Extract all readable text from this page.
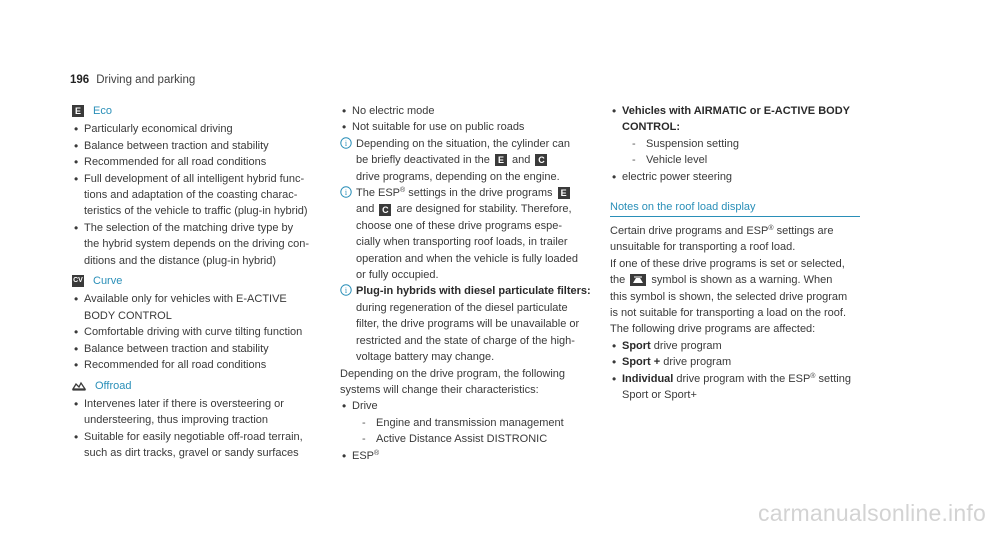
196 Driving and parking
E Eco
• Particularly economical driving
• Balance between traction and stability
• Recommended for all road conditions
• Full development of all intelligent hybrid func-
tions and adaptation of the coasting charac-
teristics of the vehicle to traffic (plug-in hybrid)
• The selection of the matching drive type by
the hybrid system depends on the driving con-
ditions and the distance (plug-in hybrid)
CV Curve
• Available only for vehicles with E-ACTIVE
BODY CONTROL
• Comfortable driving with curve tilting function
• Balance between traction and stability
• Recommended for all road conditions
Offroad
• Intervenes later if there is oversteering or
understeering, thus improving traction
• Suitable for easily negotiable off-road terrain,
such as dirt tracks, gravel or sandy surfaces
• No electric mode
• Not suitable for use on public roads
i Depending on the situation, the cylinder can
be briefly deactivated in the E and C
drive programs, depending on the engine.
i The ESP® settings in the drive programs E
and C are designed for stability. Therefore,
choose one of these drive programs espe-
cially when transporting roof loads, in trailer
operation and when the vehicle is fully loaded
or fully occupied.
i Plug-in hybrids with diesel particulate filters:
during regeneration of the diesel particulate
filter, the drive programs will be unavailable or
restricted and the state of charge of the high-
voltage battery may change.
Depending on the drive program, the following
systems will change their characteristics:
• Drive
- Engine and transmission management
- Active Distance Assist DISTRONIC
• ESP®
• Vehicles with AIRMATIC or E-ACTIVE BODY
CONTROL:
- Suspension setting
- Vehicle level
• electric power steering
Notes on the roof load display
Certain drive programs and ESP® settings are
unsuitable for transporting a roof load.
If one of these drive programs is set or selected,
the symbol is shown as a warning. When
this symbol is shown, the selected drive program
is not suitable for transporting a load on the roof.
The following drive programs are affected:
• Sport drive program
• Sport + drive program
• Individual drive program with the ESP® setting
Sport or Sport+
carmanualsonline.info
